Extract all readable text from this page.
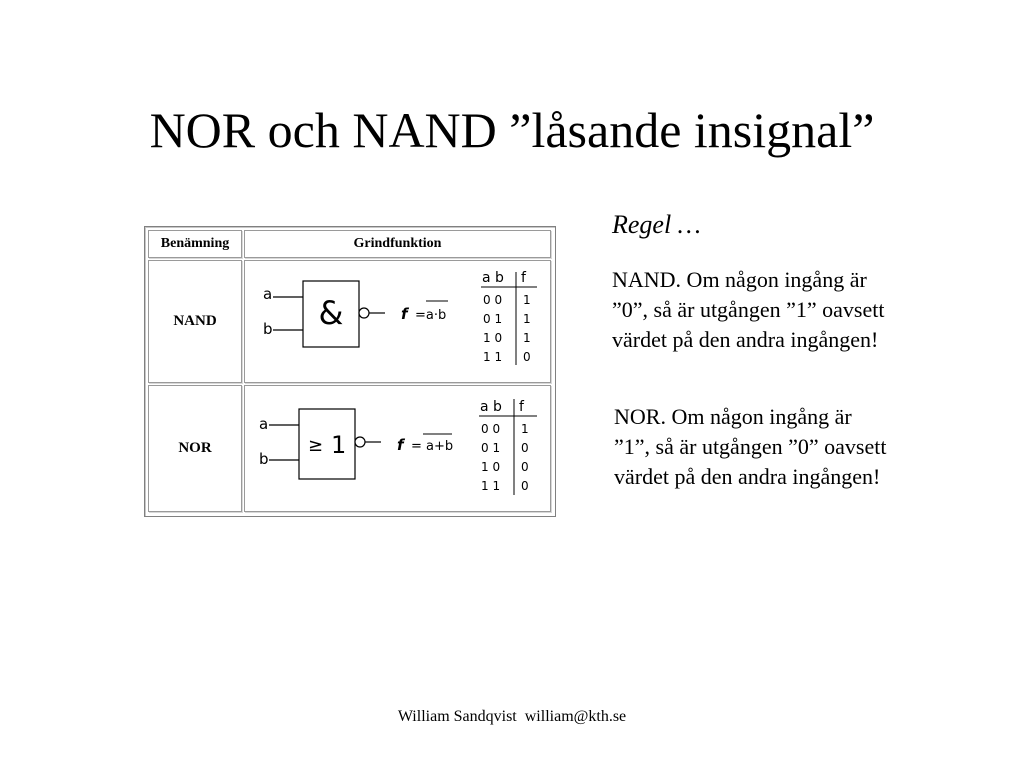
NOR och NAND ”låsande insignal”
Benämning	Grindfunktion
NAND
NOR
&
a
b
f =a·b
a b f
0 0 1
0 1 1
1 0 1
1 1 0
≥ 1
a
b
f = a+b
a b f
0 0 1
0 1 0
1 0 0
1 1 0
Regel …
NAND. Om någon ingång är
”0”, så är utgången ”1” oavsett
värdet på den andra ingången!
NOR. Om någon ingång är
”1”, så är utgången ”0” oavsett
värdet på den andra ingången!
William Sandqvist  william@kth.se
